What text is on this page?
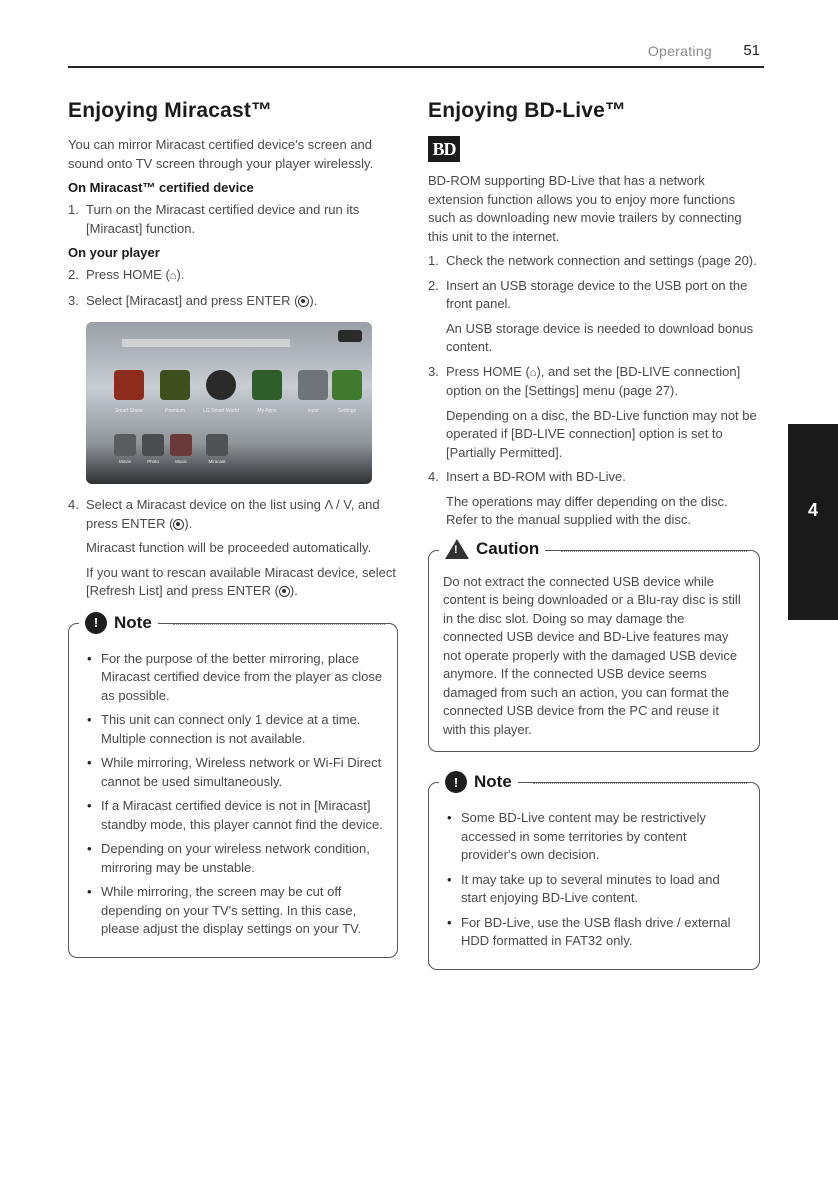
Operating 51
4
Operating
Enjoying Miracast™

You can mirror Miracast certified device's screen and sound onto TV screen through your player wirelessly.

On Miracast™ certified device
1. Turn on the Miracast certified device and run its [Miracast] function.
On your player
2. Press HOME (⌂).
3. Select [Miracast] and press ENTER ( ).
Smart Share	Premium	LG Smart World	My Apps	Input	Settings
Movie	Photo	Music	Miracast
4. Select a Miracast device on the list using Λ / V, and press ENTER ( ).
Miracast function will be proceeded automatically.
If you want to rescan available Miracast device, select [Refresh List] and press ENTER ( ).
! Note
• For the purpose of the better mirroring, place Miracast certified device from the player as close as possible.
• This unit can connect only 1 device at a time. Multiple connection is not available.
• While mirroring, Wireless network or Wi-Fi Direct cannot be used simultaneously.
• If a Miracast certified device is not in [Miracast] standby mode, this player cannot find the device.
• Depending on your wireless network condition, mirroring may be unstable.
• While mirroring, the screen may be cut off depending on your TV's setting. In this case, please adjust the display settings on your TV.
Enjoying BD-Live™
BD

BD-ROM supporting BD-Live that has a network extension function allows you to enjoy more functions such as downloading new movie trailers by connecting this unit to the internet.

1. Check the network connection and settings (page 20).
2. Insert an USB storage device to the USB port on the front panel.
An USB storage device is needed to download bonus content.
3. Press HOME (⌂), and set the [BD-LIVE connection] option on the [Settings] menu (page 27).
Depending on a disc, the BD-Live function may not be operated if [BD-LIVE connection] option is set to [Partially Permitted].
4. Insert a BD-ROM with BD-Live.
The operations may differ depending on the disc. Refer to the manual supplied with the disc.
!
Caution

Do not extract the connected USB device while content is being downloaded or a Blu-ray disc is still in the disc slot. Doing so may damage the connected USB device and BD-Live features may not operate properly with the damaged USB device anymore. If the connected USB device seems damaged from such an action, you can format the connected USB device from the PC and reuse it with this player.

! Note
• Some BD-Live content may be restrictively accessed in some territories by content provider's own decision.
• It may take up to several minutes to load and start enjoying BD-Live content.
• For BD-Live, use the USB flash drive / external HDD formatted in FAT32 only.
